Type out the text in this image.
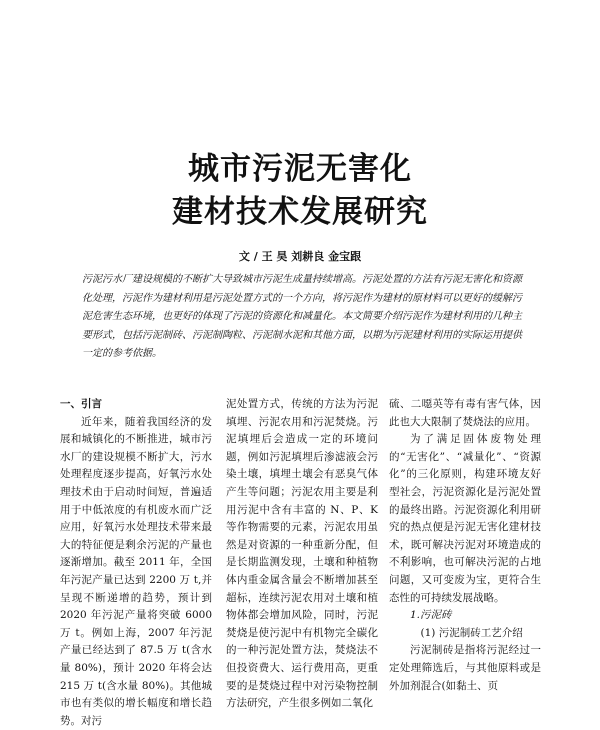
城市污泥无害化
建材技术发展研究
文 / 王 昊 刘耕良 金宝跟

污泥污水厂建设规模的不断扩大导致城市污泥生成量持续增高。污泥处置的方法有污泥无害化和资源化处理，污泥作为建材利用是污泥处置方式的一个方向，将污泥作为建材的原材料可以更好的缓解污泥危害生态环境，也更好的体现了污泥的资源化和减量化。本文简要介绍污泥作为建材利用的几种主要形式，包括污泥制砖、污泥制陶粒、污泥制水泥和其他方面，以期为污泥建材利用的实际运用提供一定的参考依据。

一、引言

近年来，随着我国经济的发展和城镇化的不断推进，城市污水厂的建设规模不断扩大，污水处理程度逐步提高，好氧污水处理技术由于启动时间短，普遍适用于中低浓度的有机废水而广泛应用，好氧污水处理技术带来最大的特征便是剩余污泥的产量也逐渐增加。截至 2011 年，全国年污泥产量已达到 2200 万 t,并呈现不断递增的趋势，预计到 2020 年污泥产量将突破 6000 万 t。例如上海，2007 年污泥产量已经达到了 87.5 万 t(含水量 80%)，预计 2020 年将会达 215 万 t(含水量 80%)。其他城市也有类似的增长幅度和增长趋势。对污

泥处置方式，传统的方法为污泥填埋、污泥农用和污泥焚烧。污泥填埋后会造成一定的环境问题，例如污泥填埋后渗滤液会污染土壤，填埋土壤会有恶臭气体产生等问题；污泥农用主要是利用污泥中含有丰富的 N、P、K 等作物需要的元素，污泥农用虽然是对资源的一种重新分配，但是长期监测发现，土壤和种植物体内重金属含量会不断增加甚至超标，连续污泥农用对土壤和植物体都会增加风险，同时，污泥焚烧是使污泥中有机物完全碳化的一种污泥处置方法，焚烧法不但投资费大、运行费用高，更重要的是焚烧过程中对污染物控制方法研究，产生很多例如二氧化

硫、二噁英等有毒有害气体，因此也大大限制了焚烧法的应用。

为了满足固体废物处理的“无害化”、“减量化”、“资源化”的三化原则，构建环境友好型社会，污泥资源化是污泥处置的最终出路。污泥资源化利用研究的热点便是污泥无害化建材技术，既可解决污泥对环境造成的不利影响，也可解决污泥的占地问题，又可变废为宝，更符合生态性的可持续发展战略。

1.污泥砖

(1) 污泥制砖工艺介绍

污泥制砖是指将污泥经过一定处理筛选后，与其他原料或是外加剂混合(如黏土、页
